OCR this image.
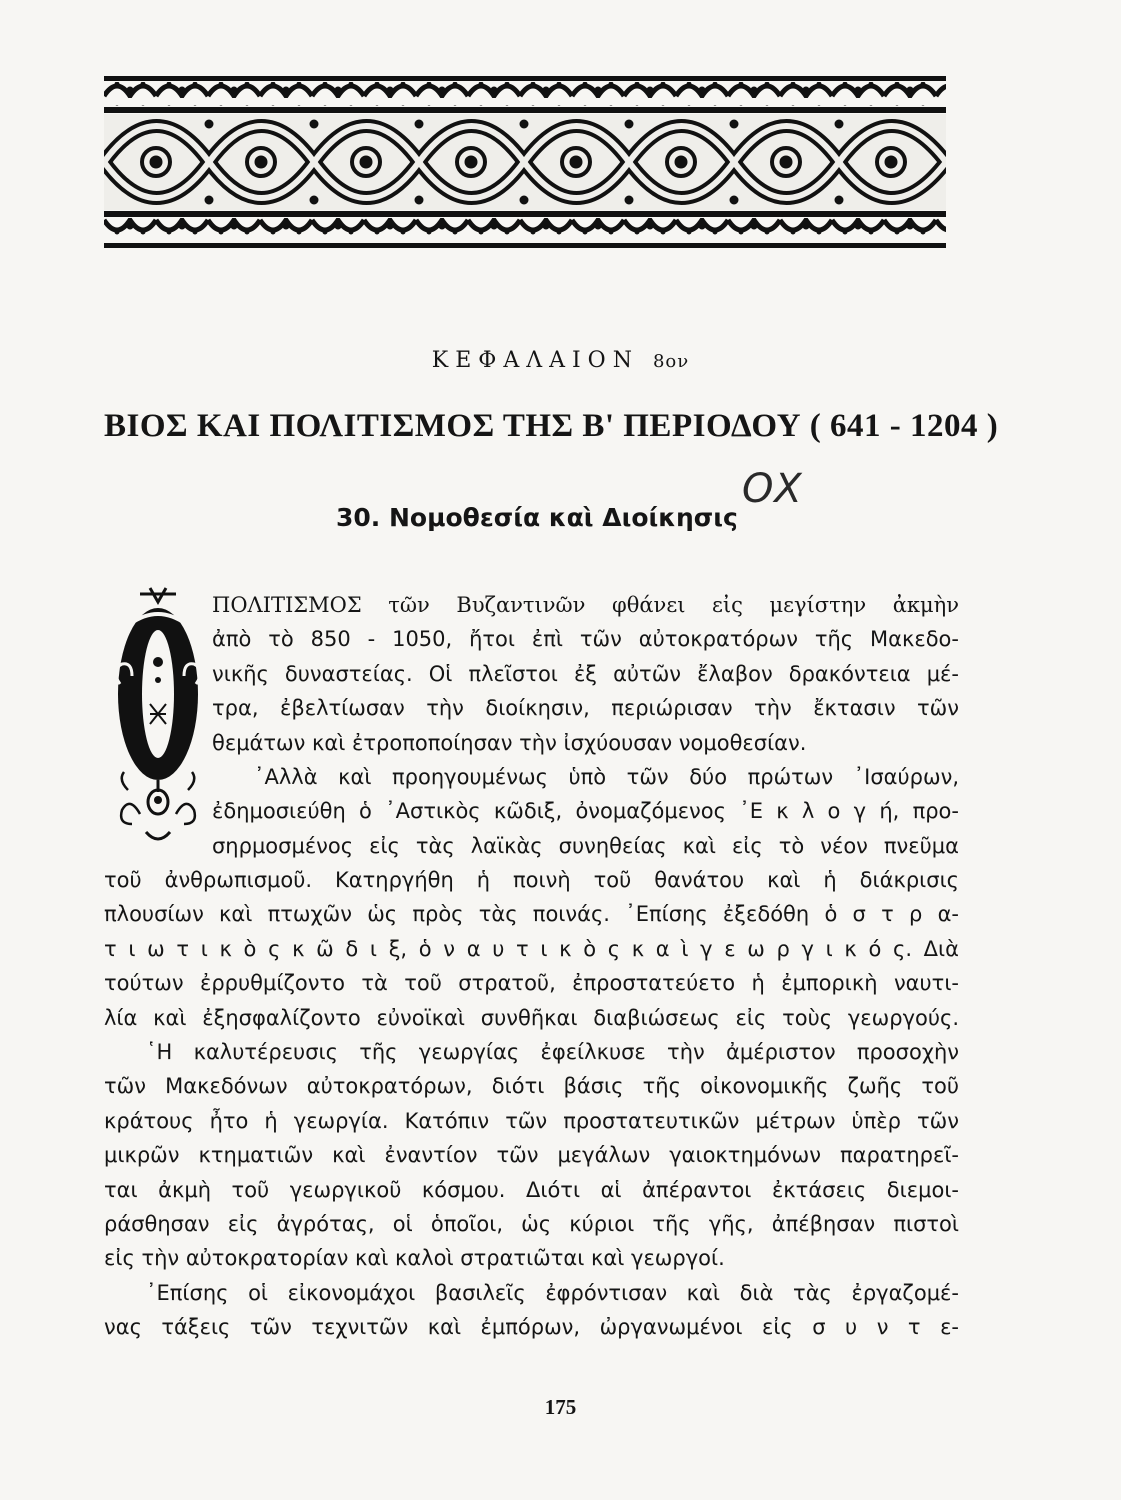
ΚΕΦΑΛΑΙΟΝ 8ον
ΒΙΟΣ ΚΑΙ ΠΟΛΙΤΙΣΜΟΣ ΤΗΣ Β' ΠΕΡΙΟΔΟΥ ( 641 - 1204 )
O X
30. Νομοθεσία καὶ Διοίκησις
Ο
ΠΟΛΙΤΙΣΜΟΣ τῶν Βυζαντινῶν φθάνει εἰς μεγίστην ἀκμὴν
ἀπὸ τὸ 850 - 1050, ἤτοι ἐπὶ τῶν αὐτοκρατόρων τῆς Μακεδο-
νικῆς δυναστείας. Οἱ πλεῖστοι ἐξ αὐτῶν ἔλαβον δρακόντεια μέ-
τρα, ἐβελτίωσαν τὴν διοίκησιν, περιώρισαν τὴν ἔκτασιν τῶν
θεμάτων καὶ ἐτροποποίησαν τὴν ἰσχύουσαν νομοθεσίαν.
᾿Αλλὰ καὶ προηγουμένως ὑπὸ τῶν δύο πρώτων ᾿Ισαύρων,
ἐδημοσιεύθη ὁ ᾿Αστικὸς κῶδιξ, ὀνομαζόμενος ᾿Ε κ λ ο γ ή, προ-
σηρμοσμένος εἰς τὰς λαϊκὰς συνηθείας καὶ εἰς τὸ νέον πνεῦμα
τοῦ ἀνθρωπισμοῦ. Κατηργήθη ἡ ποινὴ τοῦ θανάτου καὶ ἡ διάκρισις
πλουσίων καὶ πτωχῶν ὡς πρὸς τὰς ποινάς. ᾿Επίσης ἐξεδόθη ὁ σ τ ρ α-
τ ι ω τ ι κ ὸ ς κ ῶ δ ι ξ, ὁ ν α υ τ ι κ ὸ ς κ α ὶ γ ε ω ρ γ ι κ ό ς. Διὰ
τούτων ἐρρυθμίζοντο τὰ τοῦ στρατοῦ, ἐπροστατεύετο ἡ ἐμπορικὴ ναυτι-
λία καὶ ἐξησφαλίζοντο εὐνοϊκαὶ συνθῆκαι διαβιώσεως εἰς τοὺς γεωργούς.
῾Η καλυτέρευσις τῆς γεωργίας ἐφείλκυσε τὴν ἀμέριστον προσοχὴν
τῶν Μακεδόνων αὐτοκρατόρων, διότι βάσις τῆς οἰκονομικῆς ζωῆς τοῦ
κράτους ἦτο ἡ γεωργία. Κατόπιν τῶν προστατευτικῶν μέτρων ὑπὲρ τῶν
μικρῶν κτηματιῶν καὶ ἐναντίον τῶν μεγάλων γαιοκτημόνων παρατηρεῖ-
ται ἀκμὴ τοῦ γεωργικοῦ κόσμου. Διότι αἱ ἀπέραντοι ἐκτάσεις διεμοι-
ράσθησαν εἰς ἀγρότας, οἱ ὁποῖοι, ὡς κύριοι τῆς γῆς, ἀπέβησαν πιστοὶ
εἰς τὴν αὐτοκρατορίαν καὶ καλοὶ στρατιῶται καὶ γεωργοί.
᾿Επίσης οἱ εἰκονομάχοι βασιλεῖς ἐφρόντισαν καὶ διὰ τὰς ἐργαζομέ-
νας τάξεις τῶν τεχνιτῶν καὶ ἐμπόρων, ὠργανωμένοι εἰς σ υ ν τ ε-
175
